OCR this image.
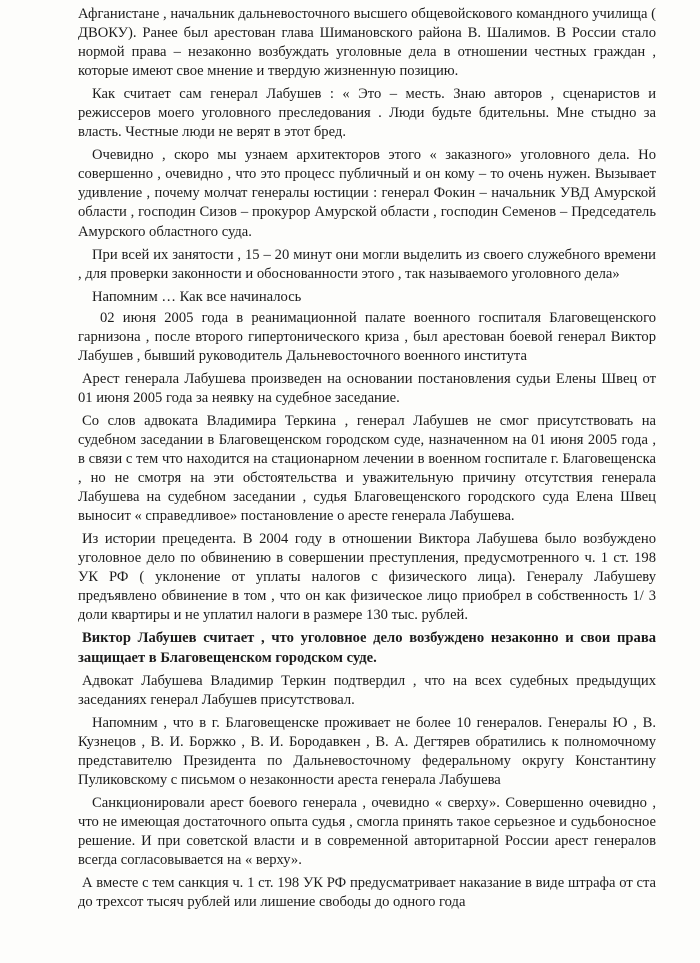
Афганистане , начальник дальневосточного высшего общевойскового командного училища ( ДВОКУ). Ранее был арестован глава Шимановского района В. Шалимов. В России стало нормой права – незаконно возбуждать уголовные дела в отношении честных граждан , которые имеют свое мнение и твердую жизненную позицию.

Как считает сам генерал Лабушев : « Это – месть. Знаю авторов , сценаристов и режиссеров моего уголовного преследования . Люди будьте бдительны. Мне стыдно за власть. Честные люди не верят в этот бред.

Очевидно , скоро мы узнаем архитекторов этого « заказного» уголовного дела. Но совершенно , очевидно , что это процесс публичный и он кому – то очень нужен. Вызывает удивление , почему молчат генералы юстиции : генерал Фокин – начальник УВД Амурской области , господин Сизов – прокурор Амурской области , господин Семенов – Председатель Амурского областного суда.

При всей их занятости , 15 – 20 минут они могли выделить из своего служебного времени , для проверки законности и обоснованности этого , так называемого уголовного дела»

Напомним … Как все начиналось

02 июня 2005 года в реанимационной палате военного госпиталя Благовещенского гарнизона , после второго гипертонического криза , был арестован боевой генерал Виктор Лабушев , бывший руководитель Дальневосточного военного института

Арест генерала Лабушева произведен на основании постановления судьи Елены Швец от 01 июня 2005 года за неявку на судебное заседание.

Со слов адвоката Владимира Теркина , генерал Лабушев не смог присутствовать на судебном заседании в Благовещенском городском суде, назначенном на 01 июня 2005 года , в связи с тем что находится на стационарном лечении в военном госпитале г. Благовещенска , но не смотря на эти обстоятельства и уважительную причину отсутствия генерала Лабушева на судебном заседании , судья Благовещенского городского суда Елена Швец выносит « справедливое» постановление о аресте генерала Лабушева.

Из истории прецедента. В 2004 году в отношении Виктора Лабушева было возбуждено уголовное дело по обвинению в совершении преступления, предусмотренного ч. 1 ст. 198 УК РФ ( уклонение от уплаты налогов с физического лица). Генералу Лабушеву предъявлено обвинение в том , что он как физическое лицо приобрел в собственность 1/ 3 доли квартиры и не уплатил налоги в размере 130 тыс. рублей.

Виктор Лабушев считает , что уголовное дело возбуждено незаконно и свои права защищает в Благовещенском городском суде.

Адвокат Лабушева Владимир Теркин подтвердил , что на всех судебных предыдущих заседаниях генерал Лабушев присутствовал.

Напомним , что в г. Благовещенске проживает не более 10 генералов. Генералы Ю , В. Кузнецов , В. И. Боржко , В. И. Бородавкен , В. А. Дегтярев обратились к полномочному представителю Президента по Дальневосточному федеральному округу Константину Пуликовскому с письмом о незаконности ареста генерала Лабушева

Санкционировали арест боевого генерала , очевидно « сверху». Совершенно очевидно , что не имеющая достаточного опыта судья , смогла принять такое серьезное и судьбоносное решение. И при советской власти и в современной авторитарной России арест генералов всегда согласовывается на « верху».

А вместе с тем санкция ч. 1 ст. 198 УК РФ предусматривает наказание в виде штрафа от ста до трехсот тысяч рублей или лишение свободы до одного года
